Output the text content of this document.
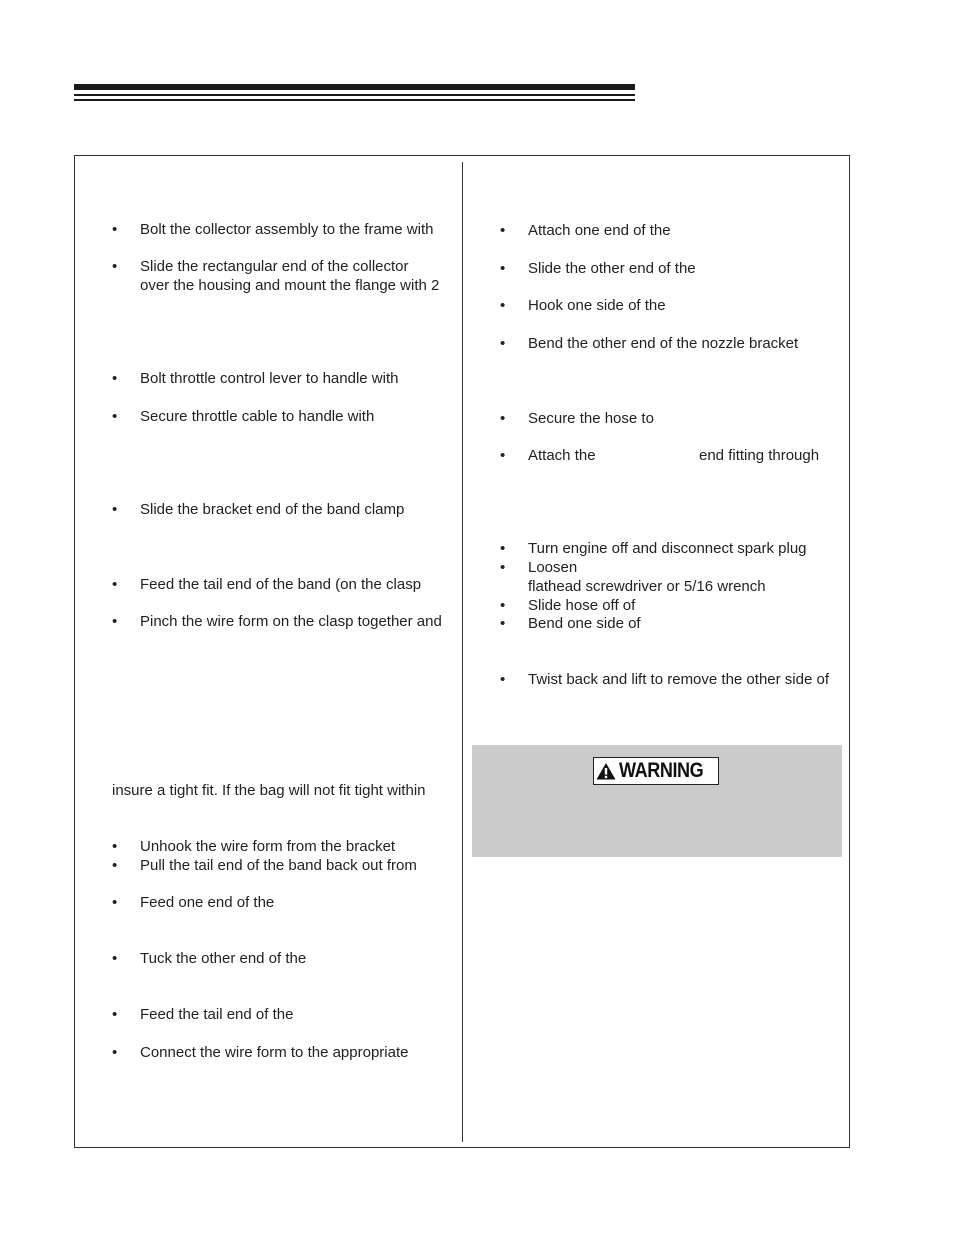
• Bolt the collector assembly to the frame with
• Slide the rectangular end of the collector
over the housing and mount the flange with 2
• Bolt throttle control lever to handle with
• Secure throttle cable to handle with
• Slide the bracket end of the band clamp
• Feed the tail end of the band (on the clasp
• Pinch the wire form on the clasp together and
insure a tight fit. If the bag will not fit tight within
• Unhook the wire form from the bracket
• Pull the tail end of the band back out from
• Feed one end of the
• Tuck the other end of the
• Feed the tail end of the
• Connect the wire form to the appropriate
• Attach one end of the
• Slide the other end of the
• Hook one side of the
• Bend the other end of the nozzle bracket
• Secure the hose to
• Attach the	end fitting through
• Turn engine off and disconnect spark plug
• Loosen
flathead screwdriver or 5/16 wrench
• Slide hose off of
• Bend one side of
• Twist back and lift to remove the other side of
WARNING
